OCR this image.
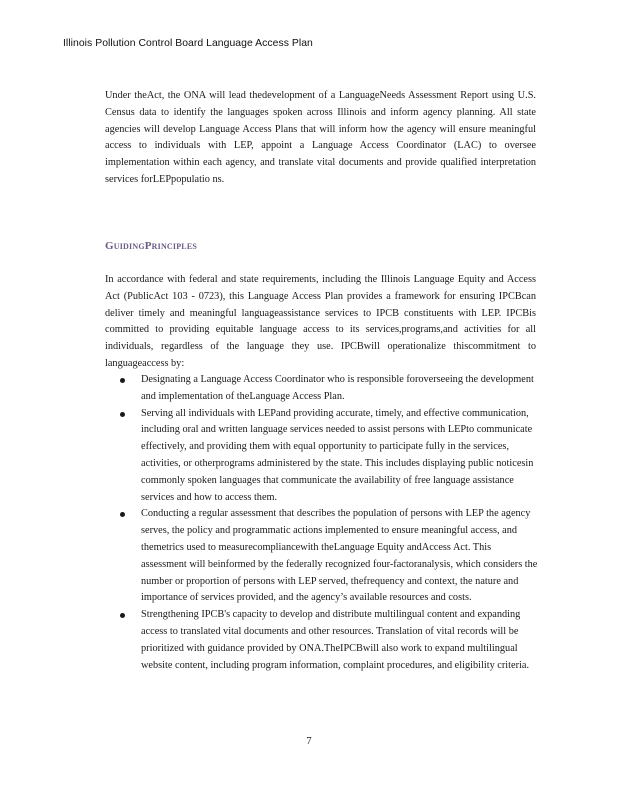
Illinois Pollution Control Board Language Access Plan

Under theAct, the ONA will lead thedevelopment of a LanguageNeeds Assessment Report using U.S. Census data to identify the languages spoken across Illinois and inform agency planning. All state agencies will develop Language Access Plans that will inform how the agency will ensure meaningful access to individuals with LEP, appoint a Language Access Coordinator (LAC) to oversee implementation within each agency, and translate vital documents and provide qualified interpretation services forLEPpopulatio ns.

GuidingPrinciples

In accordance with federal and state requirements, including the Illinois Language Equity and Access Act (PublicAct 103 - 0723), this Language Access Plan provides a framework for ensuring IPCBcan deliver timely and meaningful languageassistance services to IPCB constituents with LEP. IPCBis committed to providing equitable language access to its services,programs,and activities for all individuals, regardless of the language they use. IPCBwill operationalize thiscommitment to languageaccess by:

Designating a Language Access Coordinator who is responsible foroverseeing the development and implementation of theLanguage Access Plan.
Serving all individuals with LEPand providing accurate, timely, and effective communication, including oral and written language services needed to assist persons with LEPto communicate effectively, and providing them with equal opportunity to participate fully in the services, activities, or otherprograms administered by the state. This includes displaying public noticesin commonly spoken languages that communicate the availability of free language assistance services and how to access them.
Conducting a regular assessment that describes the population of persons with LEP the agency serves, the policy and programmatic actions implemented to ensure meaningful access, and themetrics used to measurecompliancewith theLanguage Equity andAccess Act. This assessment will beinformed by the federally recognized four-factoranalysis, which considers the number or proportion of persons with LEP served, thefrequency and context, the nature and importance of services provided, and the agency’s available resources and costs.
Strengthening IPCB's capacity to develop and distribute multilingual content and expanding access to translated vital documents and other resources. Translation of vital records will be prioritized with guidance provided by ONA.TheIPCBwill also work to expand multilingual website content, including program information, complaint procedures, and eligibility criteria.
7
